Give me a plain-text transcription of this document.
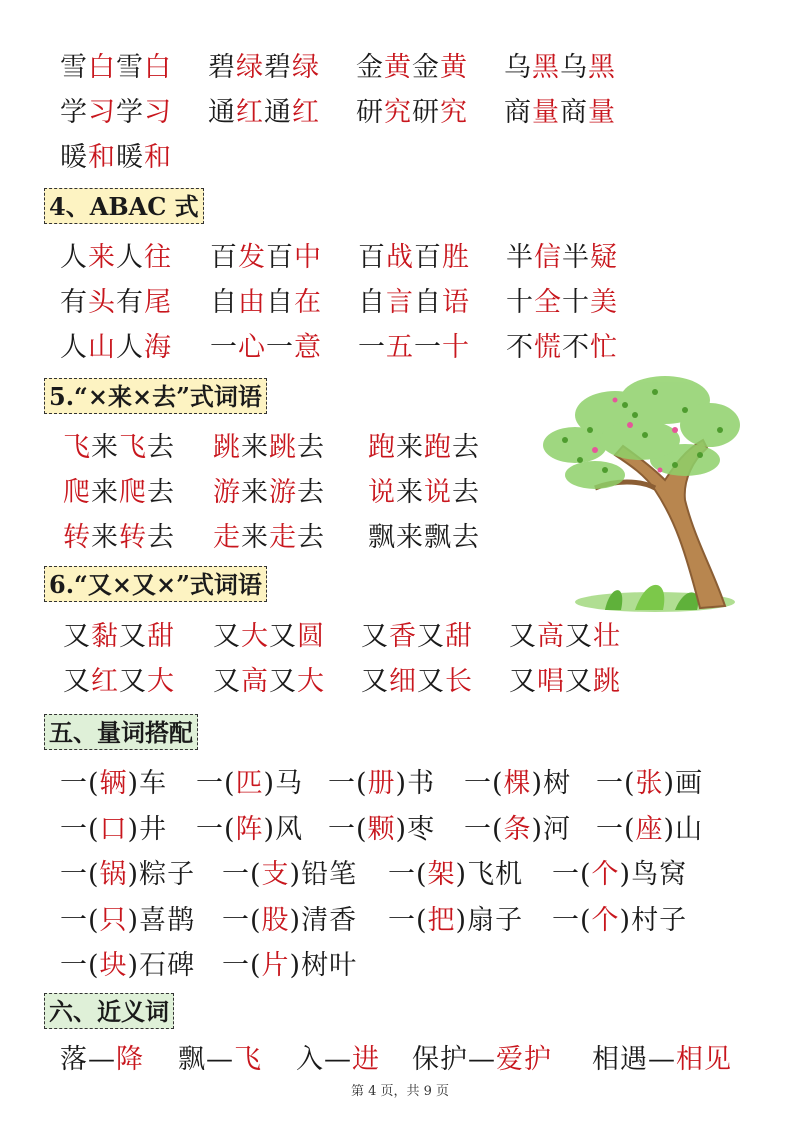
雪白雪白 碧绿碧绿 金黄金黄 乌黑乌黑
学习学习 通红通红 研究研究 商量商量
暖和暖和
4、ABAC 式
人来人往 百发百中 百战百胜 半信半疑
有头有尾 自由自在 自言自语 十全十美
人山人海 一心一意 一五一十 不慌不忙
5.“×来×去”式词语
飞来飞去 跳来跳去 跑来跑去
爬来爬去 游来游去 说来说去
转来转去 走来走去 飘来飘去
6.“又×又×”式词语
又黏又甜 又大又圆 又香又甜 又高又壮
又红又大 又高又大 又细又长 又唱又跳
五、量词搭配
一(辆)车 一(匹)马 一(册)书 一(棵)树 一(张)画
一(口)井 一(阵)风 一(颗)枣 一(条)河 一(座)山
一(锅)粽子 一(支)铅笔 一(架)飞机 一(个)鸟窝
一(只)喜鹊 一(股)清香 一(把)扇子 一(个)村子
一(块)石碑 一(片)树叶
六、近义词
落—降 飘—飞 入—进 保护—爱护 相遇—相见
第 4 页，共 9 页
